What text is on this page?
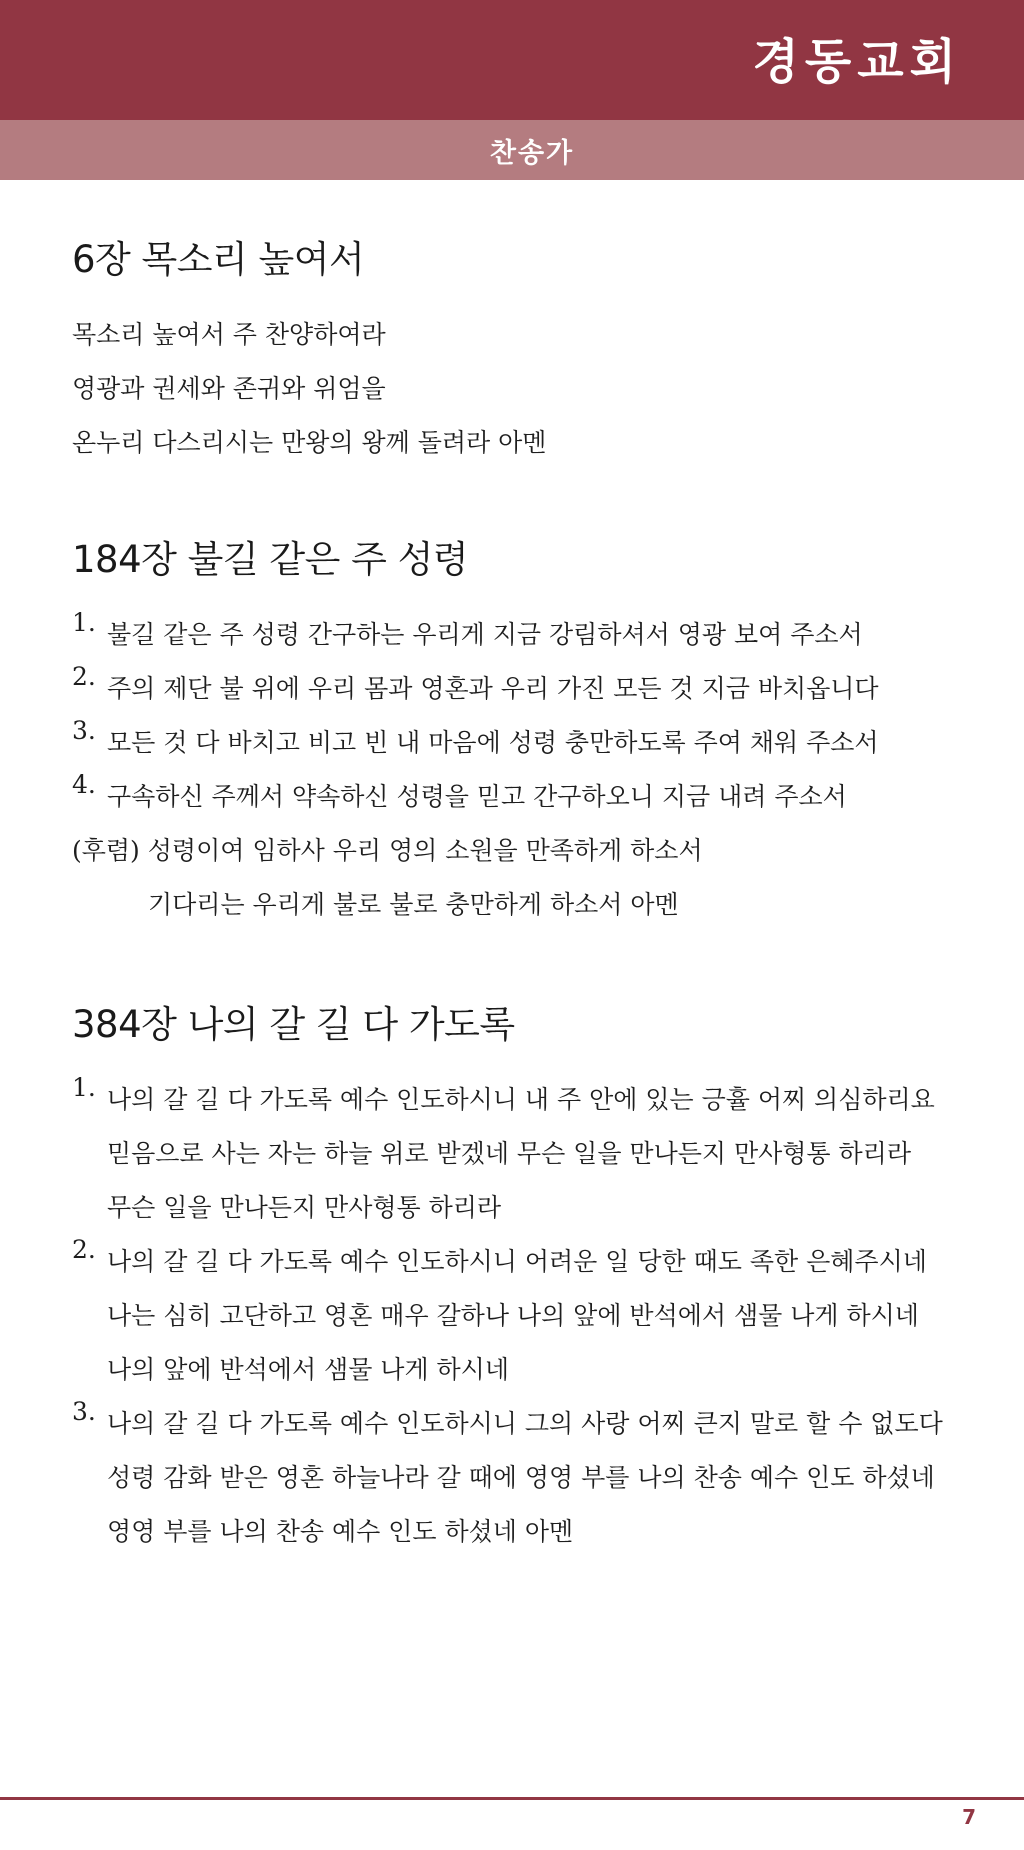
경동교회
찬송가
6장 목소리 높여서
목소리 높여서 주 찬양하여라
영광과 권세와 존귀와 위엄을
온누리 다스리시는 만왕의 왕께 돌려라 아멘
184장 불길 같은 주 성령
1. 불길 같은 주 성령 간구하는 우리게 지금 강림하셔서 영광 보여 주소서
2. 주의 제단 불 위에 우리 몸과 영혼과 우리 가진 모든 것 지금 바치옵니다
3. 모든 것 다 바치고 비고 빈 내 마음에 성령 충만하도록 주여 채워 주소서
4. 구속하신 주께서 약속하신 성령을 믿고 간구하오니 지금 내려 주소서
(후렴)
성령이여 임하사 우리 영의 소원을 만족하게 하소서
기다리는 우리게 불로 불로 충만하게 하소서 아멘
384장 나의 갈 길 다 가도록
1. 나의 갈 길 다 가도록 예수 인도하시니 내 주 안에 있는 긍휼 어찌 의심하리요
믿음으로 사는 자는 하늘 위로 받겠네 무슨 일을 만나든지 만사형통 하리라
무슨 일을 만나든지 만사형통 하리라
2. 나의 갈 길 다 가도록 예수 인도하시니 어려운 일 당한 때도 족한 은혜주시네
나는 심히 고단하고 영혼 매우 갈하나 나의 앞에 반석에서 샘물 나게 하시네
나의 앞에 반석에서 샘물 나게 하시네
3. 나의 갈 길 다 가도록 예수 인도하시니 그의 사랑 어찌 큰지 말로 할 수 없도다
성령 감화 받은 영혼 하늘나라 갈 때에 영영 부를 나의 찬송 예수 인도 하셨네
영영 부를 나의 찬송 예수 인도 하셨네 아멘
7
